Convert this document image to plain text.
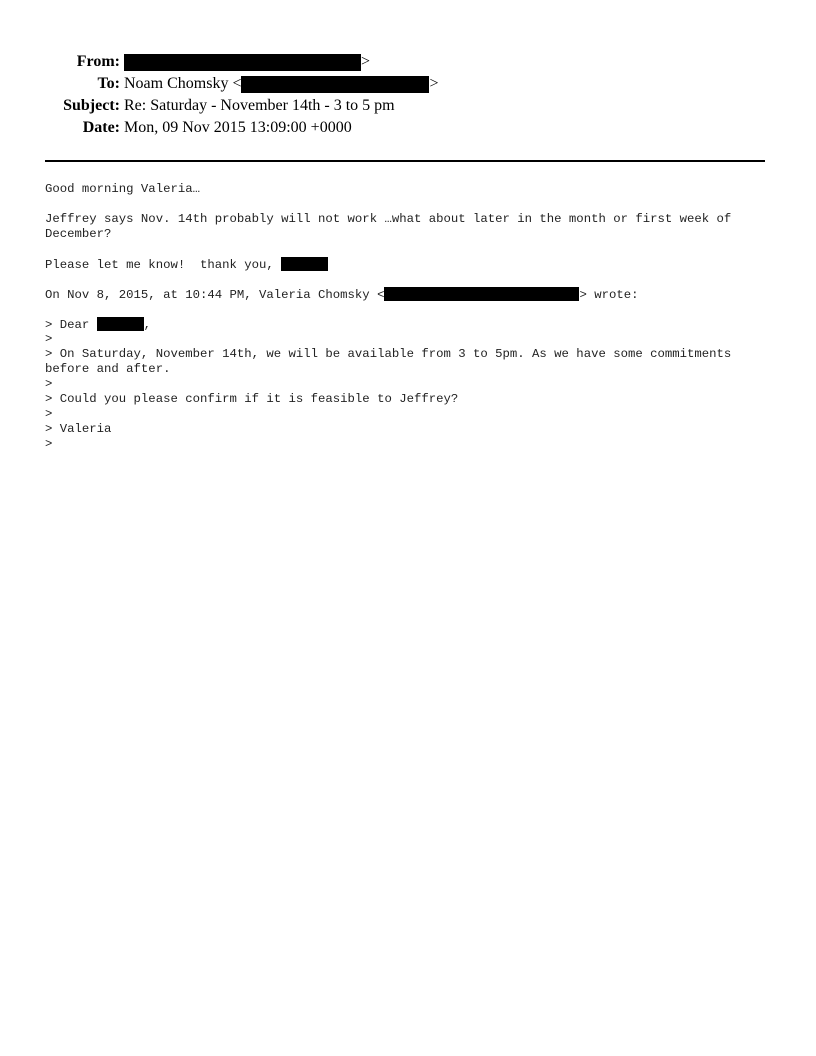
From:	>
To: Noam Chomsky <	>
Subject: Re: Saturday - November 14th - 3 to 5 pm
Date: Mon, 09 Nov 2015 13:09:00 +0000
Good morning Valeria…
Jeffrey says Nov. 14th probably will not work …what about later in the month or first week of
December?
Please let me know!  thank you,
On Nov 8, 2015, at 10:44 PM, Valeria Chomsky <	> wrote:
> Dear	,
>
> On Saturday, November 14th, we will be available from 3 to 5pm. As we have some commitments
before and after.
>
> Could you please confirm if it is feasible to Jeffrey?
>
> Valeria
>
